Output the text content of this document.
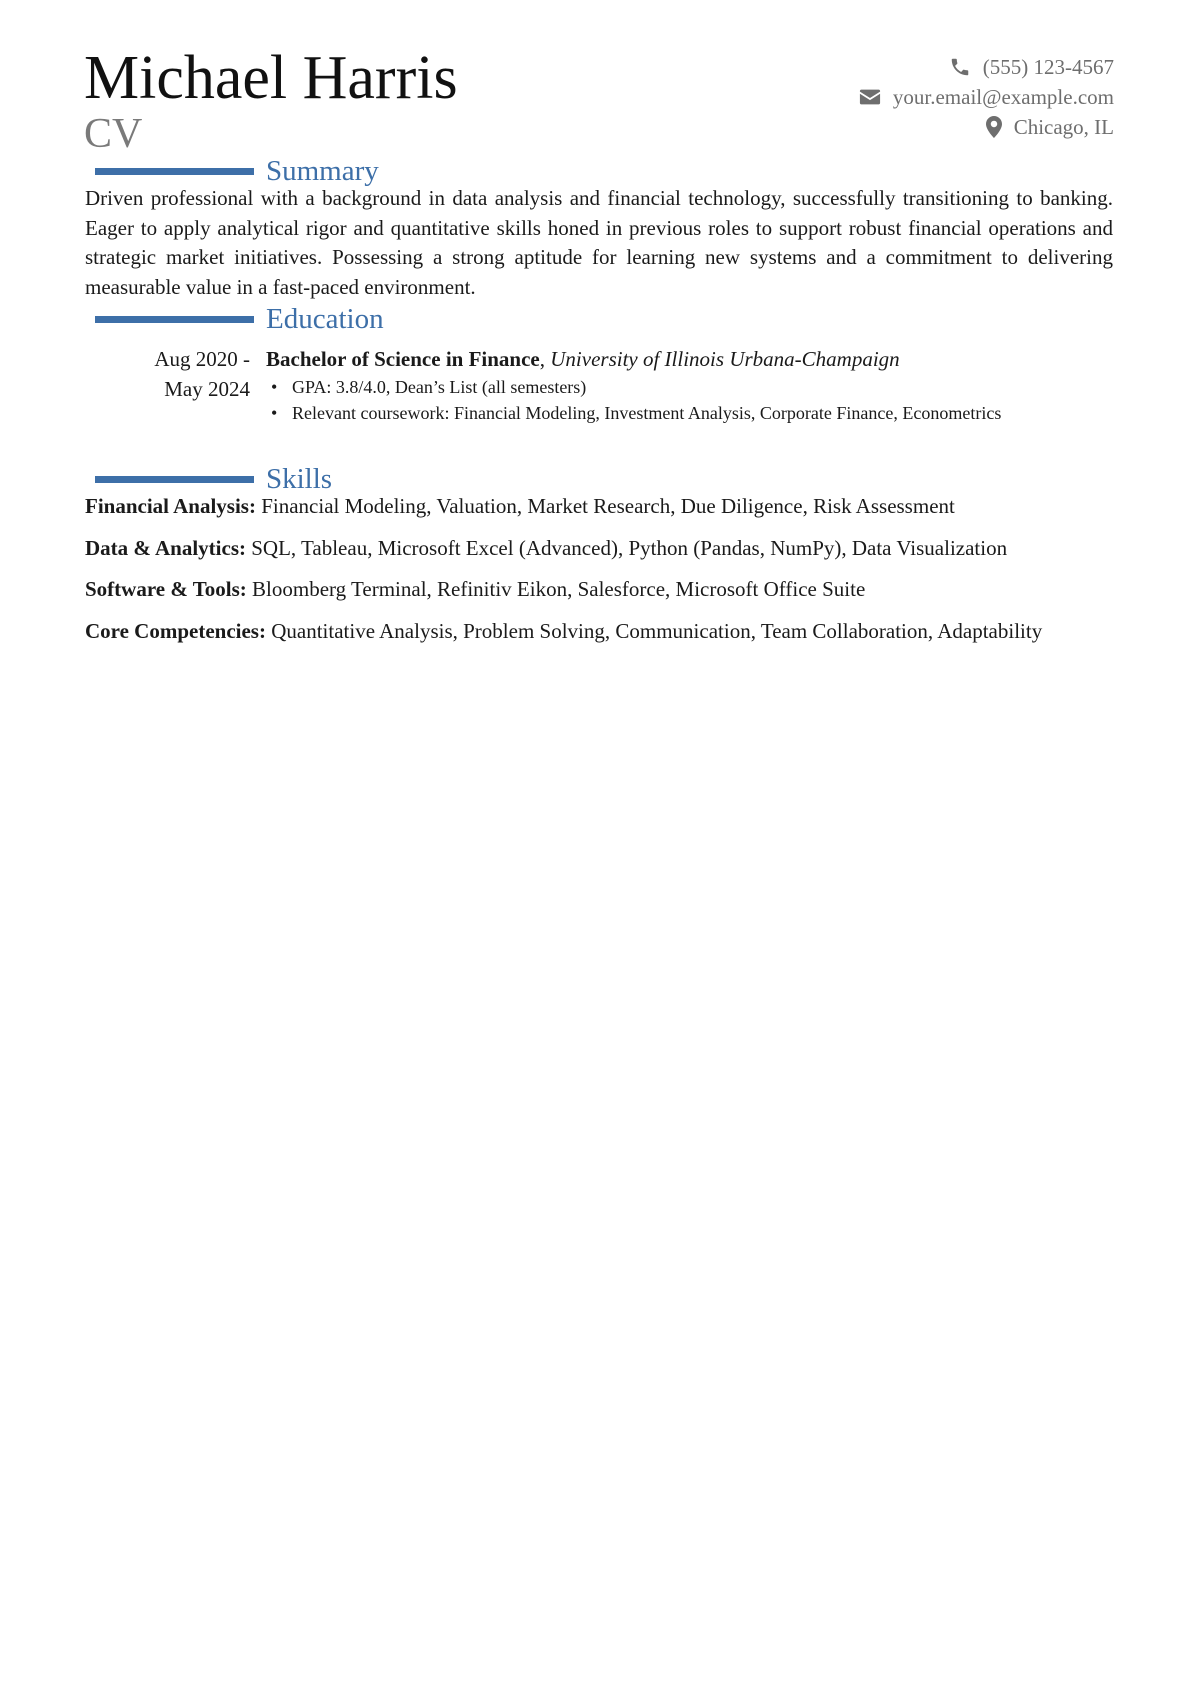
Michael Harris
CV
(555) 123-4567
your.email@example.com
Chicago, IL
Summary
Driven professional with a background in data analysis and financial technology, successfully transitioning to banking. Eager to apply analytical rigor and quantitative skills honed in previous roles to support robust financial operations and strategic market initiatives. Possessing a strong aptitude for learning new systems and a commitment to delivering measurable value in a fast-paced environment.
Education
Aug 2020 -
May 2024
Bachelor of Science in Finance, University of Illinois Urbana-Champaign
• GPA: 3.8/4.0, Dean’s List (all semesters)
• Relevant coursework: Financial Modeling, Investment Analysis, Corporate Finance, Econometrics
Skills

Financial Analysis: Financial Modeling, Valuation, Market Research, Due Diligence, Risk Assessment

Data & Analytics: SQL, Tableau, Microsoft Excel (Advanced), Python (Pandas, NumPy), Data Visualization

Software & Tools: Bloomberg Terminal, Refinitiv Eikon, Salesforce, Microsoft Office Suite

Core Competencies: Quantitative Analysis, Problem Solving, Communication, Team Collaboration, Adaptability
